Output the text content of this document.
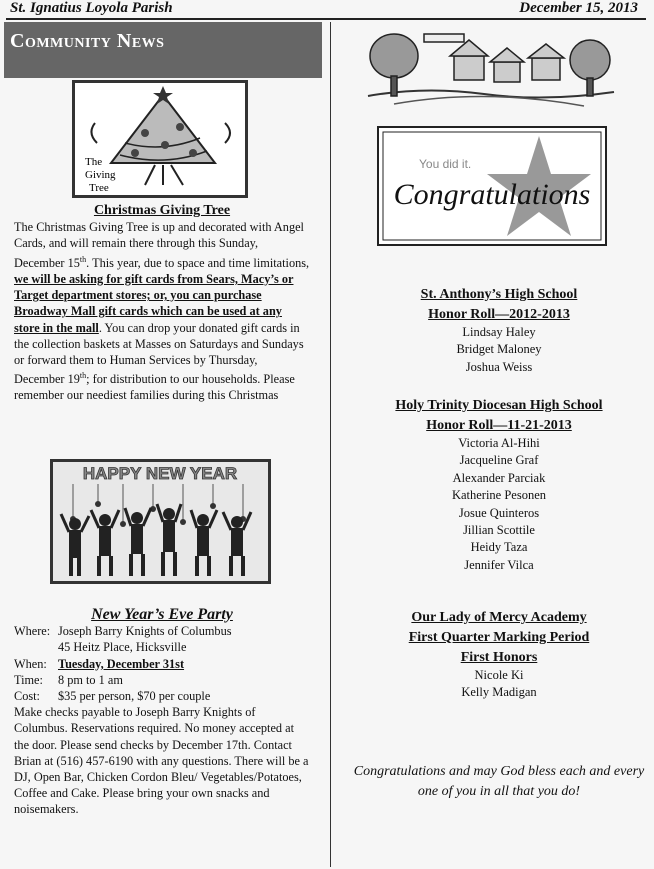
St. Ignatius Loyola Parish	December 15, 2013
Community News
The
Giving
Tree
Christmas Giving Tree
The Christmas Giving Tree is up and decorated with Angel Cards, and will remain there through this Sunday, December 15th. This year, due to space and time limitations, we will be asking for gift cards from Sears, Macy’s or Target department stores; or, you can purchase Broadway Mall gift cards which can be used at any store in the mall. You can drop your donated gift cards in the collection baskets at Masses on Saturdays and Sundays or forward them to Human Services by Thursday, December 19th; for distribution to our households. Please remember our neediest families during this Christmas
HAPPY NEW YEAR
New Year’s Eve Party
Where: Joseph Barry Knights of Columbus
45 Heitz Place, Hicksville
When: Tuesday, December 31st
Time:	8 pm to 1 am
Cost:	$35 per person, $70 per couple
Make checks payable to Joseph Barry Knights of Columbus. Reservations required. No money accepted at the door. Please send checks by December 17th. Contact Brian at (516) 457-6190 with any questions. There will be a DJ, Open Bar, Chicken Cordon Bleu/ Vegetables/Potatoes, Coffee and Cake. Please bring your own snacks and noisemakers.
You did it.
Congratulations
St. Anthony’s High School
Honor Roll—2012-2013
Lindsay Haley
Bridget Maloney
Joshua Weiss
Holy Trinity Diocesan High School
Honor Roll—11-21-2013
Victoria Al-Hihi
Jacqueline Graf
Alexander Parciak
Katherine Pesonen
Josue Quinteros
Jillian Scottile
Heidy Taza
Jennifer Vilca
Our Lady of Mercy Academy
First Quarter Marking Period
First Honors
Nicole Ki
Kelly Madigan
Congratulations and may God bless each and every one of you in all that you do!
